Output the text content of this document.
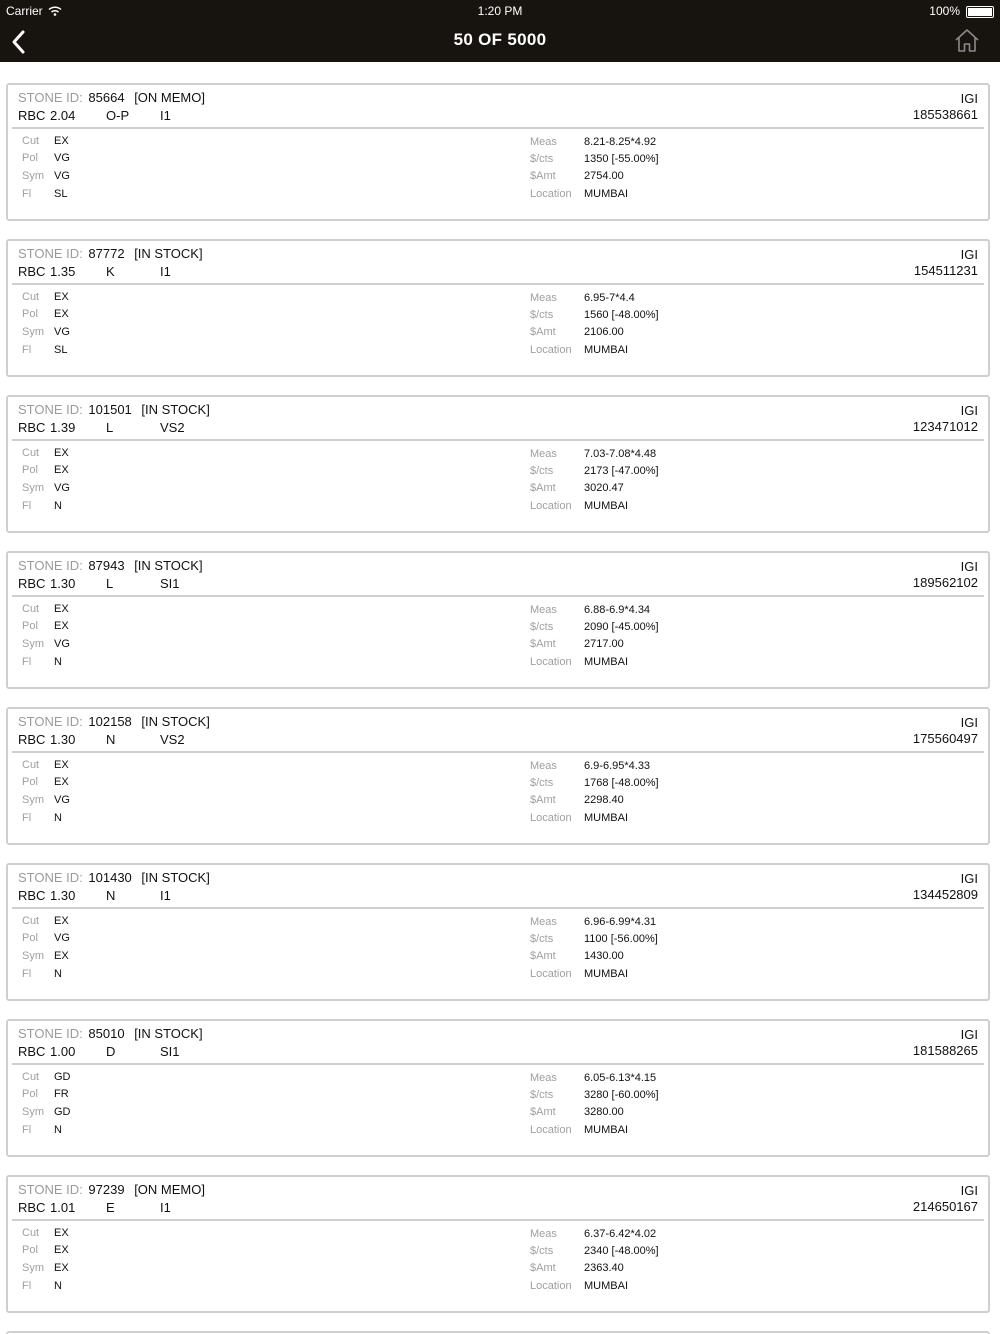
Carrier	1:20 PM	100%
50 OF 5000
STONE ID: 85664 [ON MEMO]
RBC 2.04 O-P I1
IGI
185538661
Cut EX
Pol VG
Sym VG
Fl SL
Meas 8.21-8.25*4.92
$/cts	1350 [-55.00%]
$Amt	2754.00
Location MUMBAI
STONE ID: 87772 [IN STOCK]
RBC 1.35 K	I1
IGI
154511231
Cut EX
Pol EX
Sym VG
Fl SL
Meas 6.95-7*4.4
$/cts	1560 [-48.00%]
$Amt	2106.00
Location MUMBAI
STONE ID: 101501 [IN STOCK]
RBC 1.39 L	VS2
IGI
123471012
Cut EX
Pol EX
Sym VG
Fl N
Meas 7.03-7.08*4.48
$/cts	2173 [-47.00%]
$Amt	3020.47
Location MUMBAI
STONE ID: 87943 [IN STOCK]
RBC 1.30 L	SI1
IGI
189562102
Cut EX
Pol EX
Sym VG
Fl N
Meas 6.88-6.9*4.34
$/cts	2090 [-45.00%]
$Amt	2717.00
Location MUMBAI
STONE ID: 102158 [IN STOCK]
RBC 1.30 N	VS2
IGI
175560497
Cut EX
Pol EX
Sym VG
Fl N
Meas 6.9-6.95*4.33
$/cts	1768 [-48.00%]
$Amt	2298.40
Location MUMBAI
STONE ID: 101430 [IN STOCK]
RBC 1.30 N	I1
IGI
134452809
Cut EX
Pol VG
Sym EX
Fl N
Meas 6.96-6.99*4.31
$/cts	1100 [-56.00%]
$Amt	1430.00
Location MUMBAI
STONE ID: 85010 [IN STOCK]
RBC 1.00 D	SI1
IGI
181588265
Cut GD
Pol FR
Sym GD
Fl N
Meas 6.05-6.13*4.15
$/cts	3280 [-60.00%]
$Amt	3280.00
Location MUMBAI
STONE ID: 97239 [ON MEMO]
RBC 1.01 E	I1
IGI
214650167
Cut EX
Pol EX
Sym EX
Fl N
Meas 6.37-6.42*4.02
$/cts	2340 [-48.00%]
$Amt	2363.40
Location MUMBAI
